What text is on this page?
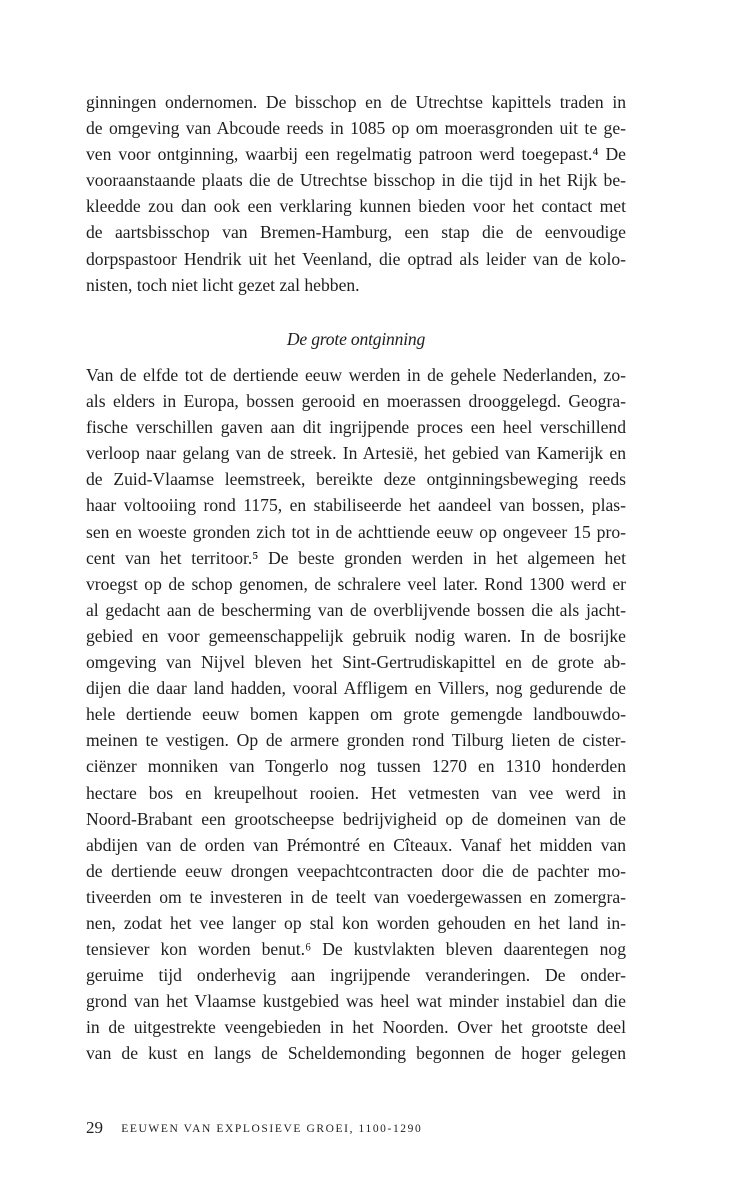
ginningen ondernomen. De bisschop en de Utrechtse kapittels traden in
de omgeving van Abcoude reeds in 1085 op om moerasgronden uit te ge-
ven voor ontginning, waarbij een regelmatig patroon werd toegepast.⁴ De
vooraanstaande plaats die de Utrechtse bisschop in die tijd in het Rijk be-
kleedde zou dan ook een verklaring kunnen bieden voor het contact met
de aartsbisschop van Bremen-Hamburg, een stap die de eenvoudige
dorpspastoor Hendrik uit het Veenland, die optrad als leider van de kolo-
nisten, toch niet licht gezet zal hebben.
De grote ontginning
Van de elfde tot de dertiende eeuw werden in de gehele Nederlanden, zo-
als elders in Europa, bossen gerooid en moerassen drooggelegd. Geogra-
fische verschillen gaven aan dit ingrijpende proces een heel verschillend
verloop naar gelang van de streek. In Artesië, het gebied van Kamerijk en
de Zuid-Vlaamse leemstreek, bereikte deze ontginningsbeweging reeds
haar voltooiing rond 1175, en stabiliseerde het aandeel van bossen, plas-
sen en woeste gronden zich tot in de achttiende eeuw op ongeveer 15 pro-
cent van het territoor.⁵ De beste gronden werden in het algemeen het
vroegst op de schop genomen, de schralere veel later. Rond 1300 werd er
al gedacht aan de bescherming van de overblijvende bossen die als jacht-
gebied en voor gemeenschappelijk gebruik nodig waren. In de bosrijke
omgeving van Nijvel bleven het Sint-Gertrudiskapittel en de grote ab-
dijen die daar land hadden, vooral Affligem en Villers, nog gedurende de
hele dertiende eeuw bomen kappen om grote gemengde landbouwdo-
meinen te vestigen. Op de armere gronden rond Tilburg lieten de cister-
ciënzer monniken van Tongerlo nog tussen 1270 en 1310 honderden
hectare bos en kreupelhout rooien. Het vetmesten van vee werd in
Noord-Brabant een grootscheepse bedrijvigheid op de domeinen van de
abdijen van de orden van Prémontré en Cîteaux. Vanaf het midden van
de dertiende eeuw drongen veepachtcontracten door die de pachter mo-
tiveerden om te investeren in de teelt van voedergewassen en zomergra-
nen, zodat het vee langer op stal kon worden gehouden en het land in-
tensiever kon worden benut.⁶ De kustvlakten bleven daarentegen nog
geruime tijd onderhevig aan ingrijpende veranderingen. De onder-
grond van het Vlaamse kustgebied was heel wat minder instabiel dan die
in de uitgestrekte veengebieden in het Noorden. Over het grootste deel
van de kust en langs de Scheldemonding begonnen de hoger gelegen
29 EEUWEN VAN EXPLOSIEVE GROEI, 1100-1290
